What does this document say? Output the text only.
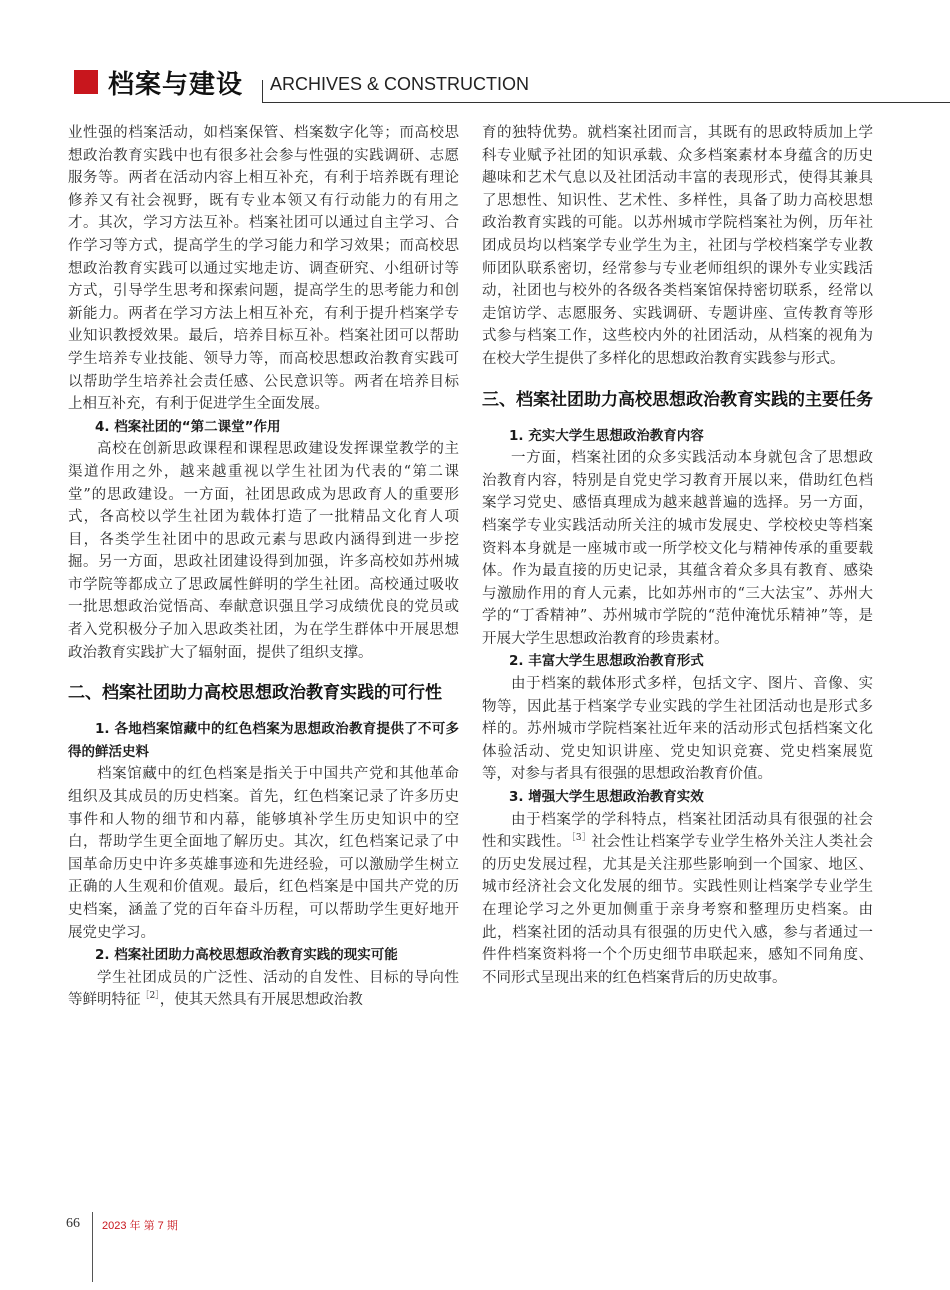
档案与建设 ARCHIVES & CONSTRUCTION

业性强的档案活动，如档案保管、档案数字化等；而高校思想政治教育实践中也有很多社会参与性强的实践调研、志愿服务等。两者在活动内容上相互补充，有利于培养既有理论修养又有社会视野，既有专业本领又有行动能力的有用之才。其次，学习方法互补。档案社团可以通过自主学习、合作学习等方式，提高学生的学习能力和学习效果；而高校思想政治教育实践可以通过实地走访、调查研究、小组研讨等方式，引导学生思考和探索问题，提高学生的思考能力和创新能力。两者在学习方法上相互补充，有利于提升档案学专业知识教授效果。最后，培养目标互补。档案社团可以帮助学生培养专业技能、领导力等，而高校思想政治教育实践可以帮助学生培养社会责任感、公民意识等。两者在培养目标上相互补充，有利于促进学生全面发展。

4. 档案社团的“第二课堂”作用

高校在创新思政课程和课程思政建设发挥课堂教学的主渠道作用之外，越来越重视以学生社团为代表的“第二课堂”的思政建设。一方面，社团思政成为思政育人的重要形式，各高校以学生社团为载体打造了一批精品文化育人项目，各类学生社团中的思政元素与思政内涵得到进一步挖掘。另一方面，思政社团建设得到加强，许多高校如苏州城市学院等都成立了思政属性鲜明的学生社团。高校通过吸收一批思想政治觉悟高、奉献意识强且学习成绩优良的党员或者入党积极分子加入思政类社团，为在学生群体中开展思想政治教育实践扩大了辐射面，提供了组织支撑。

二、档案社团助力高校思想政治教育实践的可行性
1. 各地档案馆藏中的红色档案为思想政治教育提供了不可多得的鲜活史料

档案馆藏中的红色档案是指关于中国共产党和其他革命组织及其成员的历史档案。首先，红色档案记录了许多历史事件和人物的细节和内幕，能够填补学生历史知识中的空白，帮助学生更全面地了解历史。其次，红色档案记录了中国革命历史中许多英雄事迹和先进经验，可以激励学生树立正确的人生观和价值观。最后，红色档案是中国共产党的历史档案，涵盖了党的百年奋斗历程，可以帮助学生更好地开展党史学习。

2. 档案社团助力高校思想政治教育实践的现实可能

学生社团成员的广泛性、活动的自发性、目标的导向性等鲜明特征$^{[2]}$，使其天然具有开展思想政治教

育的独特优势。就档案社团而言，其既有的思政特质加上学科专业赋予社团的知识承载、众多档案素材本身蕴含的历史趣味和艺术气息以及社团活动丰富的表现形式，使得其兼具了思想性、知识性、艺术性、多样性，具备了助力高校思想政治教育实践的可能。以苏州城市学院档案社为例，历年社团成员均以档案学专业学生为主，社团与学校档案学专业教师团队联系密切，经常参与专业老师组织的课外专业实践活动，社团也与校外的各级各类档案馆保持密切联系，经常以走馆访学、志愿服务、实践调研、专题讲座、宣传教育等形式参与档案工作，这些校内外的社团活动，从档案的视角为在校大学生提供了多样化的思想政治教育实践参与形式。

三、档案社团助力高校思想政治教育实践的主要任务
1. 充实大学生思想政治教育内容

一方面，档案社团的众多实践活动本身就包含了思想政治教育内容，特别是自党史学习教育开展以来，借助红色档案学习党史、感悟真理成为越来越普遍的选择。另一方面，档案学专业实践活动所关注的城市发展史、学校校史等档案资料本身就是一座城市或一所学校文化与精神传承的重要载体。作为最直接的历史记录，其蕴含着众多具有教育、感染与激励作用的育人元素，比如苏州市的“三大法宝”、苏州大学的“丁香精神”、苏州城市学院的“范仲淹忧乐精神”等，是开展大学生思想政治教育的珍贵素材。

2. 丰富大学生思想政治教育形式

由于档案的载体形式多样，包括文字、图片、音像、实物等，因此基于档案学专业实践的学生社团活动也是形式多样的。苏州城市学院档案社近年来的活动形式包括档案文化体验活动、党史知识讲座、党史知识竞赛、党史档案展览等，对参与者具有很强的思想政治教育价值。

3. 增强大学生思想政治教育实效

由于档案学的学科特点，档案社团活动具有很强的社会性和实践性。$^{[3]}$社会性让档案学专业学生格外关注人类社会的历史发展过程，尤其是关注那些影响到一个国家、地区、城市经济社会文化发展的细节。实践性则让档案学专业学生在理论学习之外更加侧重于亲身考察和整理历史档案。由此，档案社团的活动具有很强的历史代入感，参与者通过一件件档案资料将一个个历史细节串联起来，感知不同角度、不同形式呈现出来的红色档案背后的历史故事。

66 2023 年 第 7 期
